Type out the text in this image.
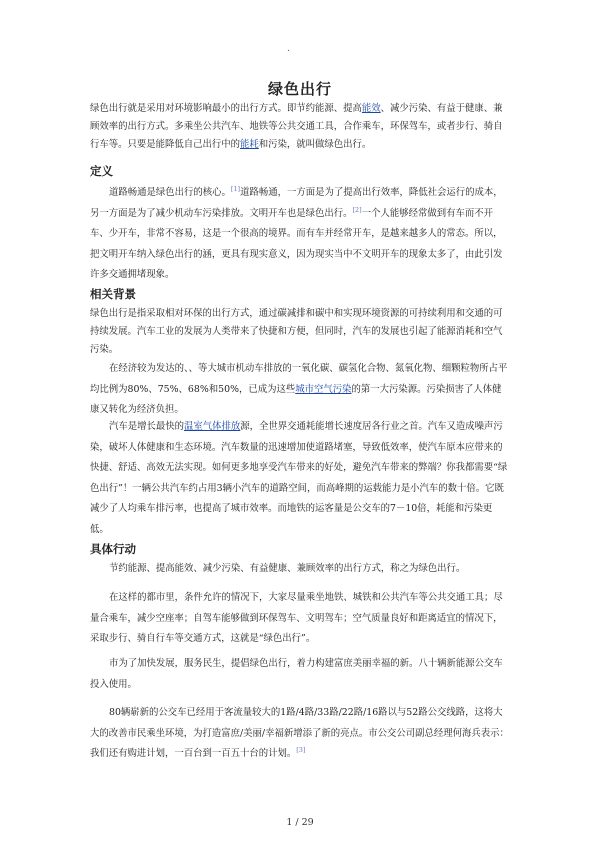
.
绿色出行
绿色出行就是采用对环境影响最小的出行方式。即节约能源、提高能效、减少污染、有益于健康、兼顾效率的出行方式。多乘坐公共汽车、地铁等公共交通工具，合作乘车，环保驾车，或者步行、骑自行车等。只要是能降低自己出行中的能耗和污染，就叫做绿色出行。
定义
道路畅通是绿色出行的核心。[1]道路畅通，一方面是为了提高出行效率，降低社会运行的成本，另一方面是为了减少机动车污染排放。文明开车也是绿色出行。[2]一个人能够经常做到有车而不开车、少开车，非常不容易，这是一个很高的境界。而有车并经常开车，是越来越多人的常态。所以，把文明开车纳入绿色出行的涵，更具有现实意义，因为现实当中不文明开车的现象太多了，由此引发许多交通拥堵现象。
相关背景
绿色出行是指采取相对环保的出行方式，通过碳减排和碳中和实现环境资源的可持续利用和交通的可持续发展。汽车工业的发展为人类带来了快捷和方便，但同时，汽车的发展也引起了能源消耗和空气污染。
在经济较为发达的、、等大城市机动车排放的一氧化碳、碳氢化合物、氮氧化物、细颗粒物所占平均比例为80%、75%、68%和50%，已成为这些城市空气污染的第一大污染源。污染损害了人体健康又转化为经济负担。
汽车是增长最快的温室气体排放源，全世界交通耗能增长速度居各行业之首。汽车又造成噪声污染，破坏人体健康和生态环境。汽车数量的迅速增加使道路堵塞，导致低效率，使汽车原本应带来的快捷、舒适、高效无法实现。如何更多地享受汽车带来的好处，避免汽车带来的弊端？你我都需要“绿色出行”！一辆公共汽车约占用3辆小汽车的道路空间，而高峰期的运载能力是小汽车的数十倍。它既减少了人均乘车排污率，也提高了城市效率。而地铁的运客量是公交车的7－10倍，耗能和污染更低。
具体行动
节约能源、提高能效、减少污染、有益健康、兼顾效率的出行方式，称之为绿色出行。
在这样的都市里，条件允许的情况下，大家尽量乘坐地铁、城铁和公共汽车等公共交通工具；尽量合乘车，减少空座率；自驾车能够做到环保驾车、文明驾车；空气质量良好和距离适宜的情况下，采取步行、骑自行车等交通方式，这就是“绿色出行”。
市为了加快发展，服务民生，提倡绿色出行，着力构建富庶美丽幸福的新。八十辆新能源公交车投入使用。
80辆崭新的公交车已经用于客流量较大的1路/4路/33路/22路/16路以与52路公交线路，这将大大的改善市民乘坐环境，为打造富庶/美丽/幸福新增添了新的亮点。市公交公司副总经理何海兵表示：我们还有购进计划，一百台到一百五十台的计划。[3]
1 / 29
